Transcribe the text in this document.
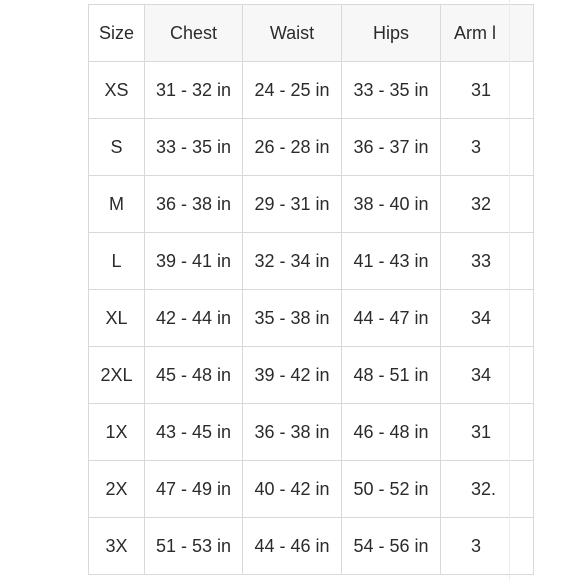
Size	Chest	Waist	Hips	Arm l
XS	31 - 32 in	24 - 25 in	33 - 35 in	31
S	33 - 35 in	26 - 28 in	36 - 37 in	3
M	36 - 38 in	29 - 31 in	38 - 40 in	32
L	39 - 41 in	32 - 34 in	41 - 43 in	33
XL	42 - 44 in	35 - 38 in	44 - 47 in	34
2XL	45 - 48 in	39 - 42 in	48 - 51 in	34
1X	43 - 45 in	36 - 38 in	46 - 48 in	31
2X	47 - 49 in	40 - 42 in	50 - 52 in	32.
3X	51 - 53 in	44 - 46 in	54 - 56 in	3
